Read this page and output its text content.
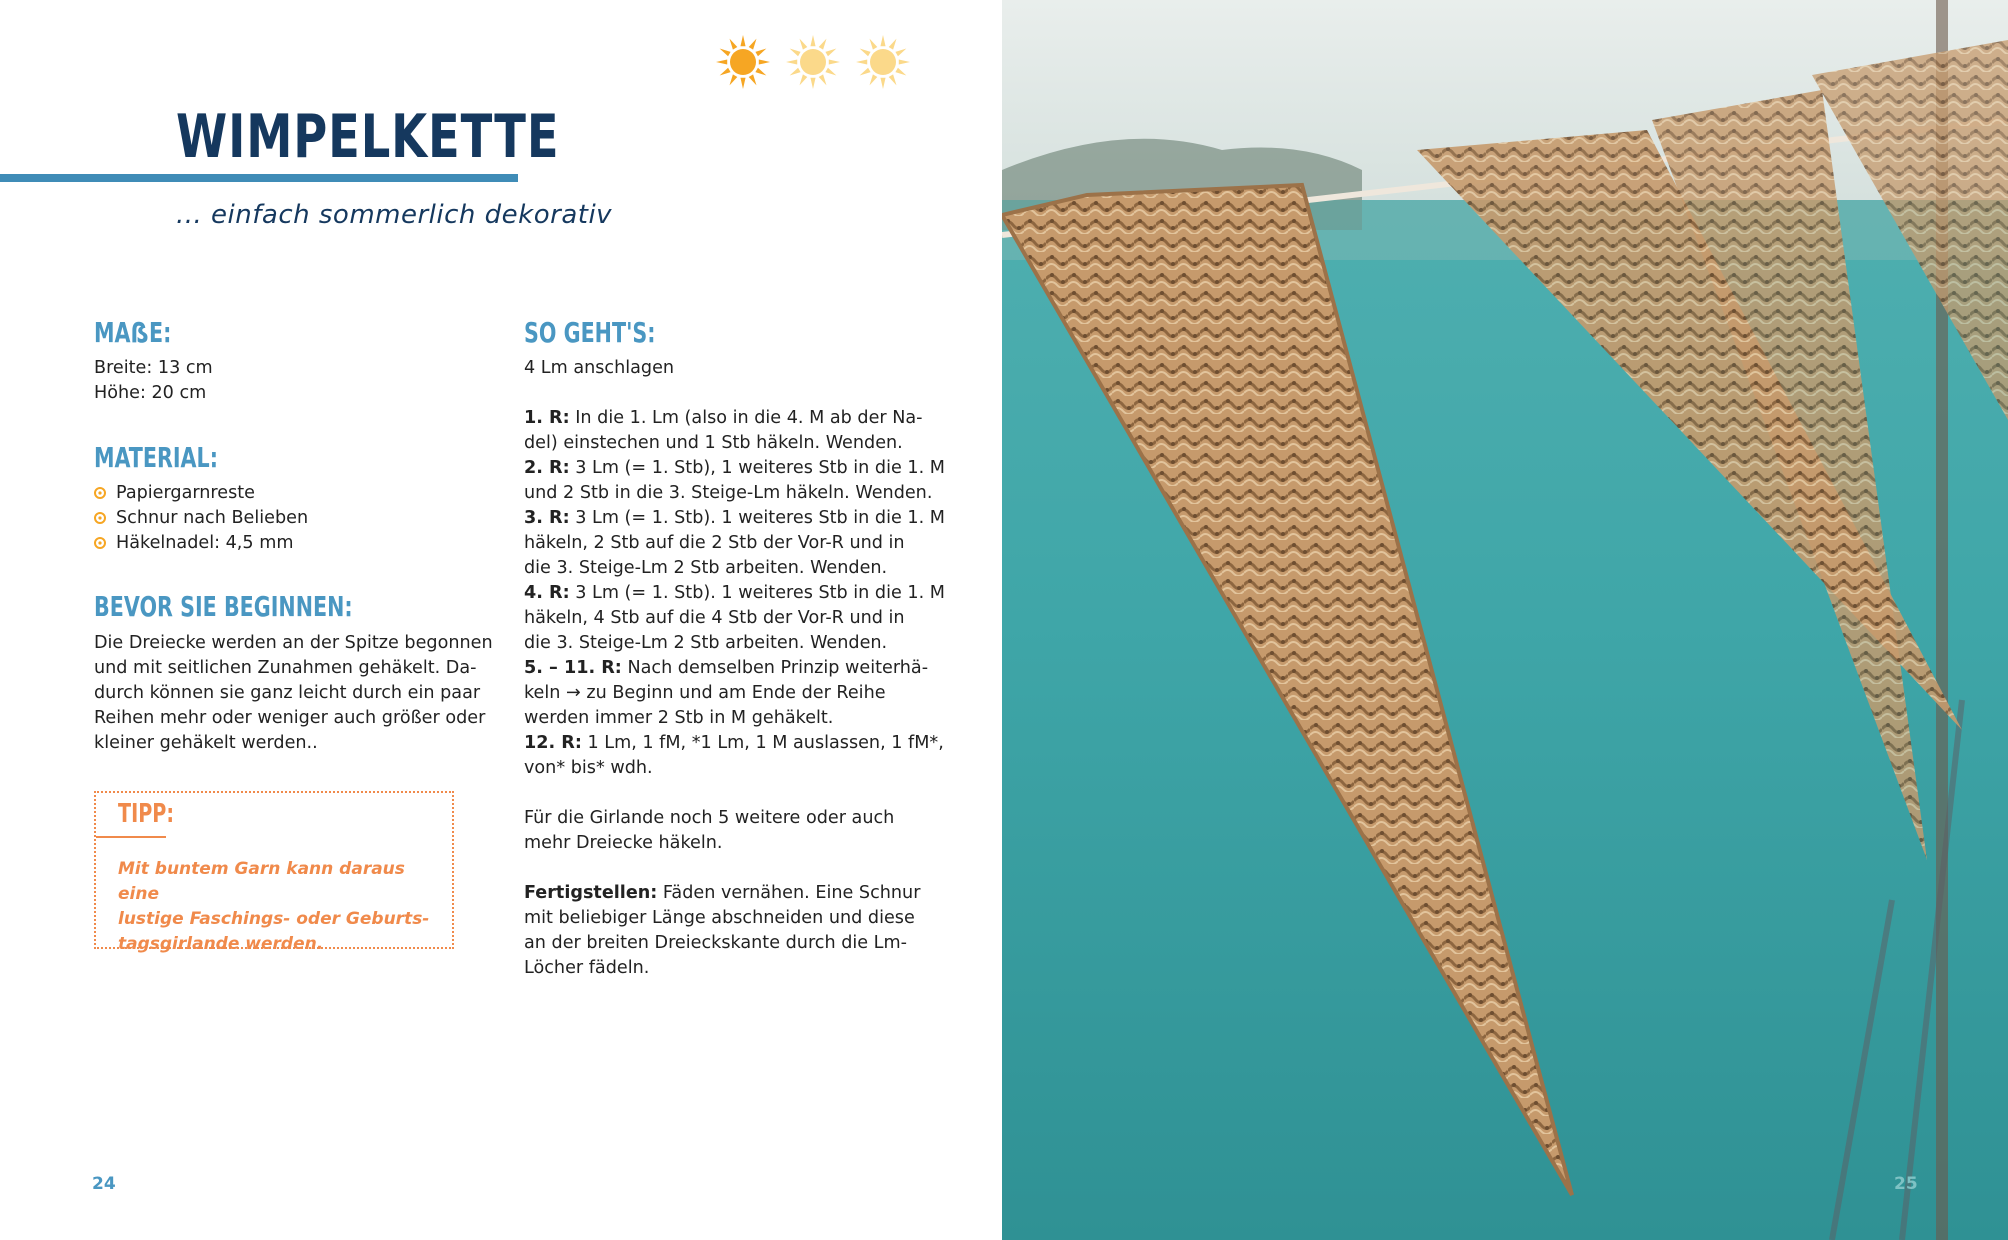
WIMPELKETTE

... einfach sommerlich dekorativ

MAẞE:

Breite: 13 cm

Höhe: 20 cm

MATERIAL:
Papiergarnreste
Schnur nach Belieben
Häkelnadel: 4,5 mm
BEVOR SIE BEGINNEN:

Die Dreiecke werden an der Spitze begonnen

und mit seitlichen Zunahmen gehäkelt. Da-

durch können sie ganz leicht durch ein paar

Reihen mehr oder weniger auch größer oder

kleiner gehäkelt werden..

TIPP:

Mit buntem Garn kann daraus eine

lustige Faschings- oder Geburts-

tagsgirlande werden.

SO GEHT'S:

4 Lm anschlagen

1. R: In die 1. Lm (also in die 4. M ab der Na-

del) einstechen und 1 Stb häkeln. Wenden.

2. R: 3 Lm (= 1. Stb), 1 weiteres Stb in die 1. M

und 2 Stb in die 3. Steige-Lm häkeln. Wenden.

3. R: 3 Lm (= 1. Stb). 1 weiteres Stb in die 1. M

häkeln, 2 Stb auf die 2 Stb der Vor-R und in

die 3. Steige-Lm 2 Stb arbeiten. Wenden.

4. R: 3 Lm (= 1. Stb). 1 weiteres Stb in die 1. M

häkeln, 4 Stb auf die 4 Stb der Vor-R und in

die 3. Steige-Lm 2 Stb arbeiten. Wenden.

5. – 11. R: Nach demselben Prinzip weiterhä-

keln → zu Beginn und am Ende der Reihe

werden immer 2 Stb in M gehäkelt.

12. R: 1 Lm, 1 fM, *1 Lm, 1 M auslassen, 1 fM*,

von* bis* wdh.

Für die Girlande noch 5 weitere oder auch

mehr Dreiecke häkeln.

Fertigstellen: Fäden vernähen. Eine Schnur

mit beliebiger Länge abschneiden und diese

an der breiten Dreieckskante durch die Lm-

Löcher fädeln.

24	25
